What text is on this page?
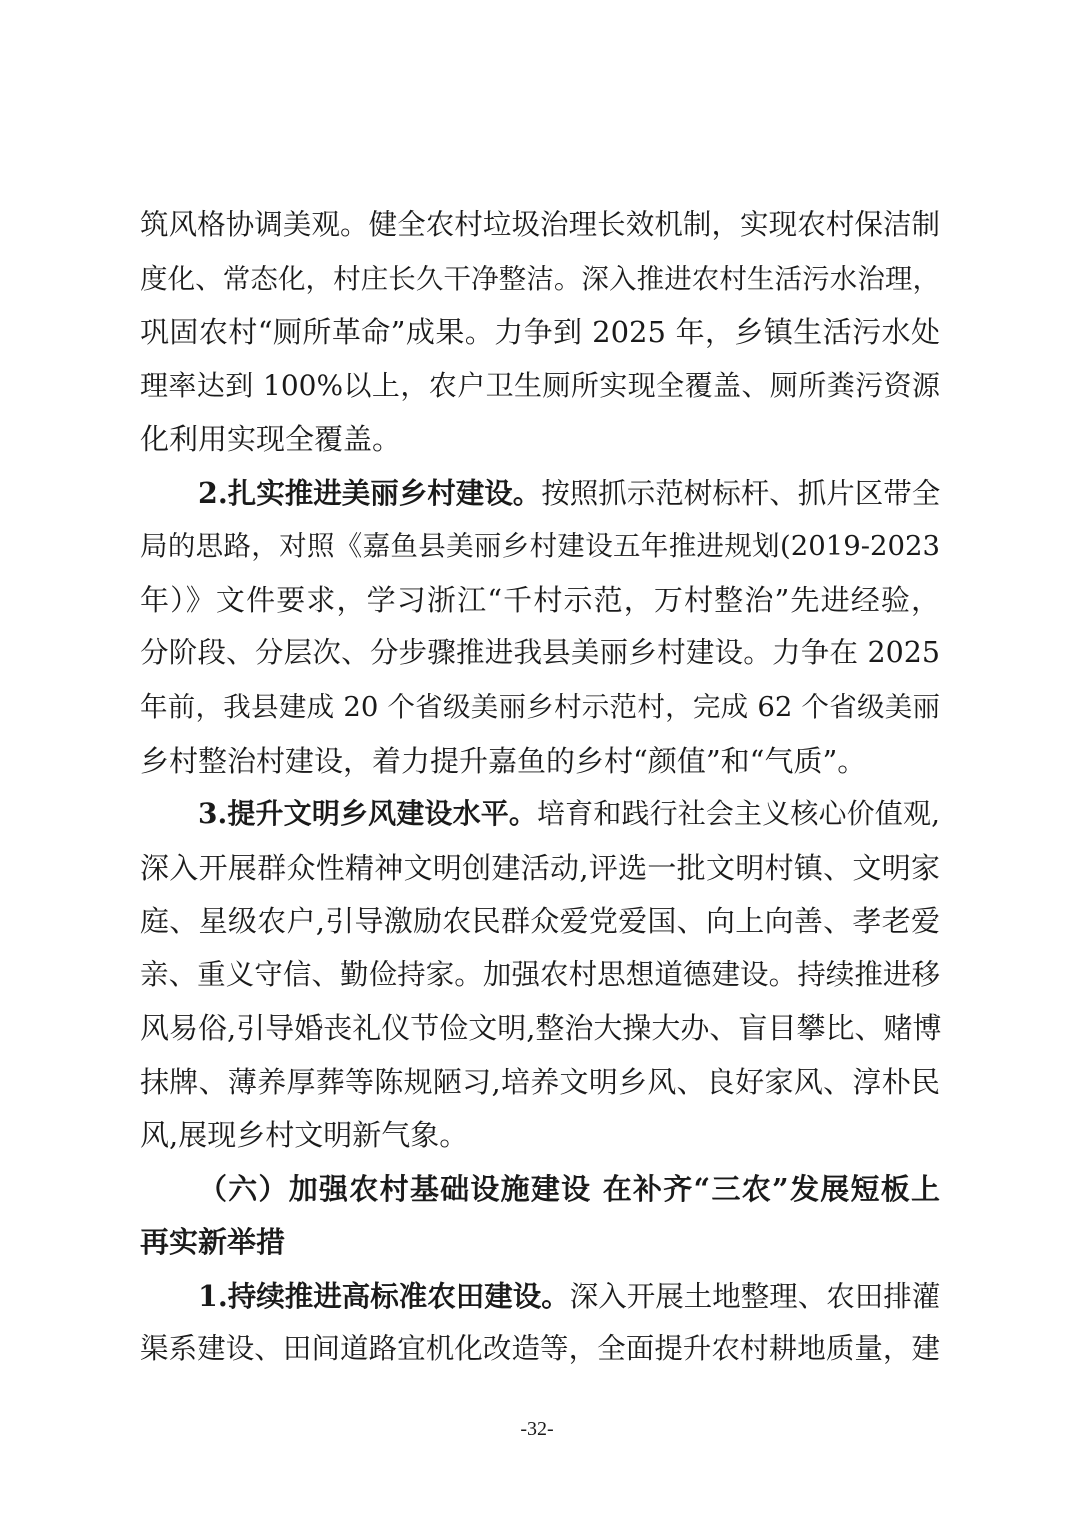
筑风格协调美观。健全农村垃圾治理长效机制，实现农村保洁制
度化、常态化，村庄长久干净整洁。深入推进农村生活污水治理，
巩固农村“厕所革命”成果。力争到 2025 年，乡镇生活污水处
理率达到 100%以上，农户卫生厕所实现全覆盖、厕所粪污资源
化利用实现全覆盖。
2.扎实推进美丽乡村建设。按照抓示范树标杆、抓片区带全
局的思路，对照《嘉鱼县美丽乡村建设五年推进规划(2019-2023
年）》文件要求，学习浙江“千村示范，万村整治”先进经验，
分阶段、分层次、分步骤推进我县美丽乡村建设。力争在 2025
年前，我县建成 20 个省级美丽乡村示范村，完成 62 个省级美丽
乡村整治村建设，着力提升嘉鱼的乡村“颜值”和“气质”。
3.提升文明乡风建设水平。培育和践行社会主义核心价值观,
深入开展群众性精神文明创建活动,评选一批文明村镇、文明家
庭、星级农户,引导激励农民群众爱党爱国、向上向善、孝老爱
亲、重义守信、勤俭持家。加强农村思想道德建设。持续推进移
风易俗,引导婚丧礼仪节俭文明,整治大操大办、盲目攀比、赌博
抹牌、薄养厚葬等陈规陋习,培养文明乡风、良好家风、淳朴民
风,展现乡村文明新气象。
（六）加强农村基础设施建设 在补齐“三农”发展短板上
再实新举措
1.持续推进高标准农田建设。深入开展土地整理、农田排灌
渠系建设、田间道路宜机化改造等，全面提升农村耕地质量，建
-32-
